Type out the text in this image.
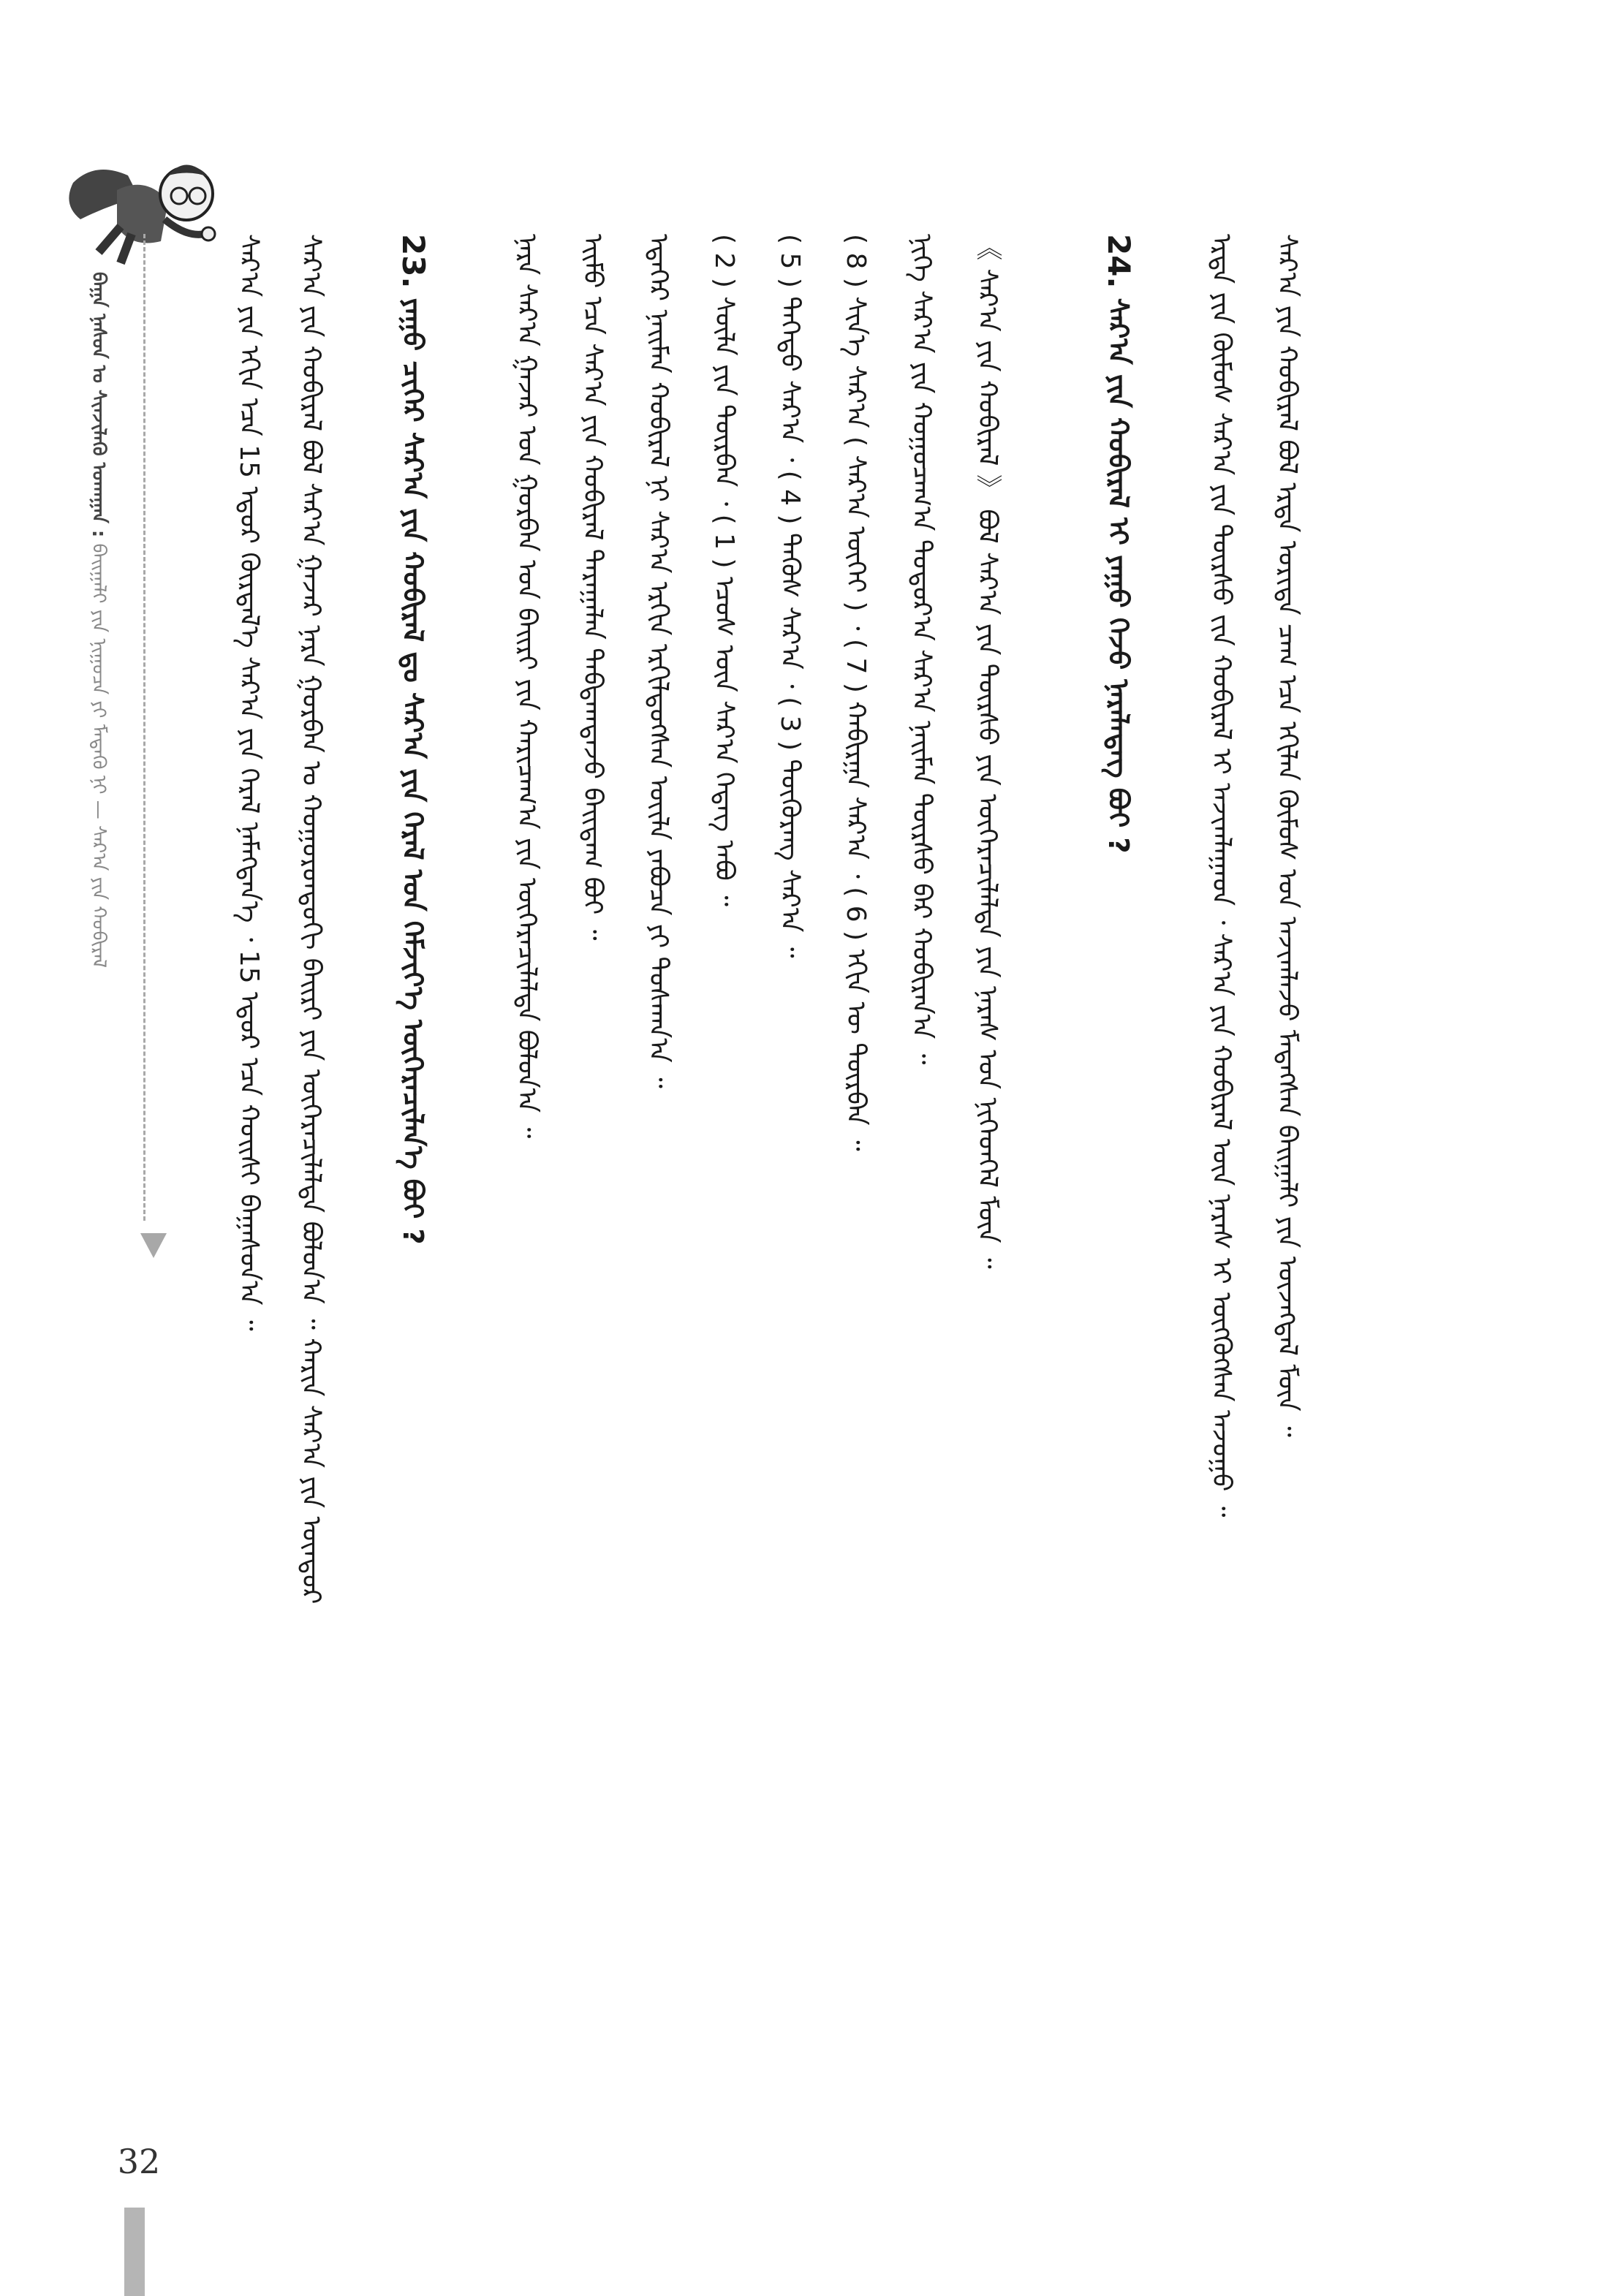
ᠪᠠᠭᠠ ᠨᠠᠰᠤᠨ ᠤ ᠰᠢᠨᠵᠢᠯᠡᠬᠦ ᠤᠬᠠᠭᠠᠨ : ᠪᠠᠢᠭᠠᠯᠢ ᠶᠢᠨ ᠨᠢᠭᠤᠴᠠ ᠶᠢ ᠮᠡᠳᠡᠬᠦ ᠨᠢ — ᠰᠠᠷ᠎ᠠ ᠶᠢᠨ ᠬᠤᠪᠢᠷᠠᠯ	ᠰᠠᠷ᠎ᠠ ᠶᠢᠨ ᠡᠬᠢᠨ ᠡᠴᠡ 15 ᠡᠳᠦᠷ ᠬᠦᠷᠲᠡᠯ᠎ᠡ ᠰᠠᠷ᠎ᠠ ᠶᠢᠨ ᠭᠡᠷᠡᠯ ᠨᠡᠮᠡᠭᠳᠡᠨ᠎ᠡ ᠂ 15 ᠡᠳᠦᠷ ᠡᠴᠡ ᠬᠣᠢᠰᠢ ᠪᠠᠭᠠᠰᠤᠨ᠎ᠠ ᠃ ᠰᠠᠷ᠎ᠠ ᠶᠢᠨ ᠬᠤᠪᠢᠷᠠᠯ ᠪᠣᠯ ᠰᠠᠷ᠎ᠠ ᠭᠠᠵᠠᠷ ᠨᠠᠷᠠ ᠭᠤᠷᠪᠠᠨ ᠤ ᠬᠤᠭᠤᠷᠤᠨᠳᠤᠬᠢ ᠪᠠᠢᠷᠢ ᠶᠢᠨ ᠥᠭᠡᠷᠡᠴᠢᠯᠡᠯᠲᠡ ᠪᠤᠯᠤᠨ᠎ᠠ ᠃ ᠬᠠᠷᠢᠨ ᠰᠠᠷ᠎ᠠ ᠶᠢᠨ ᠦᠨᠳᠦᠷ 23. ᠶᠠᠭᠤ ᠴᠢᠭᠡᠷ ᠰᠠᠷ᠎ᠠ ᠶᠢᠨ ᠬᠤᠪᠢᠷᠠᠯ ᠳᠤ ᠰᠠᠷ᠎ᠠ ᠶᠢᠨ ᠭᠡᠷᠡᠯ ᠤᠨ ᠬᠡᠮᠵᠢᠶ᠎ᠡ ᠥᠭᠡᠷᠡᠴᠢᠯᠡᠨ᠎ᠡ ᠪᠤᠢ ?	ᠨᠠᠷᠠ ᠰᠠᠷ᠎ᠠ ᠭᠠᠵᠠᠷ ᠤᠨ ᠭᠤᠷᠪᠠᠨ ᠤᠨ ᠪᠠᠢᠷᠢ ᠶᠢᠨ ᠬᠠᠷᠢᠴᠠᠭ᠎ᠠ ᠶᠢᠨ ᠥᠭᠡᠷᠡᠴᠢᠯᠡᠯᠲᠡ ᠪᠤᠯᠤᠨ᠎ᠠ ᠃ ᠡᠢᠮᠤ ᠡᠴᠡ ᠰᠠᠷ᠎ᠠ ᠶᠢᠨ ᠬᠤᠪᠢᠷᠠᠯ ᠳᠠᠷᠠᠭᠠᠯᠠᠨ ᠳᠠᠪᠲᠠᠭᠳᠠᠵᠤ ᠪᠠᠢᠳᠠᠭ ᠪᠤᠢ ᠃ ᠡᠳᠡᠭᠡᠷ ᠨᠠᠢᠮᠠᠨ ᠬᠤᠪᠢᠷᠠᠯ ᠨᠢ ᠰᠠᠷ᠎ᠠ ᠡᠷᠬᠢᠨ ᠡᠷᠭᠢᠯᠳᠦᠭᠰᠡᠨ ᠦᠢᠯᠡ ᠶᠠᠪᠤᠴᠠ ᠶᠢ ᠲᠤᠰᠬᠠᠨ᠎ᠠ ᠃ ( 2 ) ᠰᠦᠯᠡ ᠶᠢᠨ ᠳᠥᠷᠪᠡᠨ ᠂ ( 1 ) ᠡᠴᠦᠰ ᠦᠨ ᠰᠠᠷ᠎ᠠ ᠭᠡᠳᠡᠭ ᠠᠪᠤ ᠃ ( 5 ) ᠳᠡᠭᠡᠳᠦ ᠰᠠᠷ᠎ᠠ ᠂ ( 4 ) ᠲᠡᠭᠦᠰ ᠰᠠᠷ᠎ᠠ ᠂ ( 3 ) ᠳᠦᠭᠦᠷᠡᠩ ᠰᠠᠷ᠎ᠠ ᠃ ( 8 ) ᠰᠢᠨ᠎ᠡ ᠰᠠᠷ᠎ᠠ ( ᠰᠠᠷ᠎ᠠ ᠦᠭᠡᠢ ) ᠂ ( 7 ) ᠬᠠᠪᠢᠷᠭᠠ ᠰᠠᠷ᠎ᠠ ᠂ ( 6 ) ᠡᠬᠢᠨ ᠦ ᠳᠥᠷᠪᠡᠨ ᠃ ᠨᠢᠭᠡ ᠰᠠᠷ᠎ᠠ ᠶᠢᠨ ᠬᠤᠭᠤᠴᠠᠭ᠎ᠠ ᠳᠤᠲᠤᠷ᠎ᠠ ᠰᠠᠷ᠎ᠠ ᠨᠠᠢᠮᠠᠨ ᠳᠦᠷᠰᠦ ᠪᠠᠷ ᠬᠤᠪᠢᠷᠠᠨ᠎ᠠ ᠃ 《 ᠰᠠᠷ᠎ᠠ ᠶᠢᠨ ᠬᠤᠪᠢᠷᠠᠯ 》 ᠪᠣᠯ ᠰᠠᠷ᠎ᠠ ᠶᠢᠨ ᠳᠦᠷᠰᠦ ᠶᠢᠨ ᠥᠭᠡᠷᠡᠴᠢᠯᠡᠯᠲᠡ ᠶᠢᠨ ᠨᠡᠷᠡᠰ ᠤᠨ ᠨᠢᠭᠡᠳᠬᠡᠯ ᠮᠥᠨ ᠃	24. ᠰᠠᠷ᠎ᠠ ᠶᠢᠨ ᠬᠤᠪᠢᠷᠠᠯ ᠢ ᠶᠠᠭᠤ ᠭᠡᠵᠦ ᠨᠡᠷᠡᠯᠡᠳᠡᠭ ᠪᠤᠢ ?	ᠡᠷᠲᠡ ᠶᠢᠨ ᠬᠦᠮᠦᠰ ᠰᠠᠷ᠎ᠠ ᠶᠢᠨ ᠳᠦᠷᠰᠦ ᠵᠢᠨ ᠬᠤᠪᠢᠷᠠᠯ ᠢ ᠠᠵᠢᠭᠯᠠᠭᠠᠳ ᠂ ᠰᠠᠷ᠎ᠠ ᠶᠢᠨ ᠬᠤᠪᠢᠷᠠᠯ ᠦᠨ ᠨᠡᠷᠡᠰ ᠢ ᠥᠭᠭᠦᠭᠰᠡᠨ ᠠᠵᠤᠭᠤ ᠃ ᠰᠠᠷ᠎ᠠ ᠶᠢᠨ ᠬᠤᠪᠢᠷᠠᠯ ᠪᠣᠯ ᠡᠷᠲᠡ ᠤᠷᠢᠳᠠ ᠴᠠᠭ ᠡᠴᠡ ᠡᠬᠢᠯᠡᠨ ᠬᠦᠮᠦᠰ ᠤᠨ ᠠᠵᠢᠭᠯᠠᠵᠤ ᠮᠡᠳᠡᠭᠰᠡᠨ ᠪᠠᠢᠭᠠᠯᠢ ᠶᠢᠨ ᠦᠵᠡᠭᠳᠡᠯ ᠮᠥᠨ ᠃
32
